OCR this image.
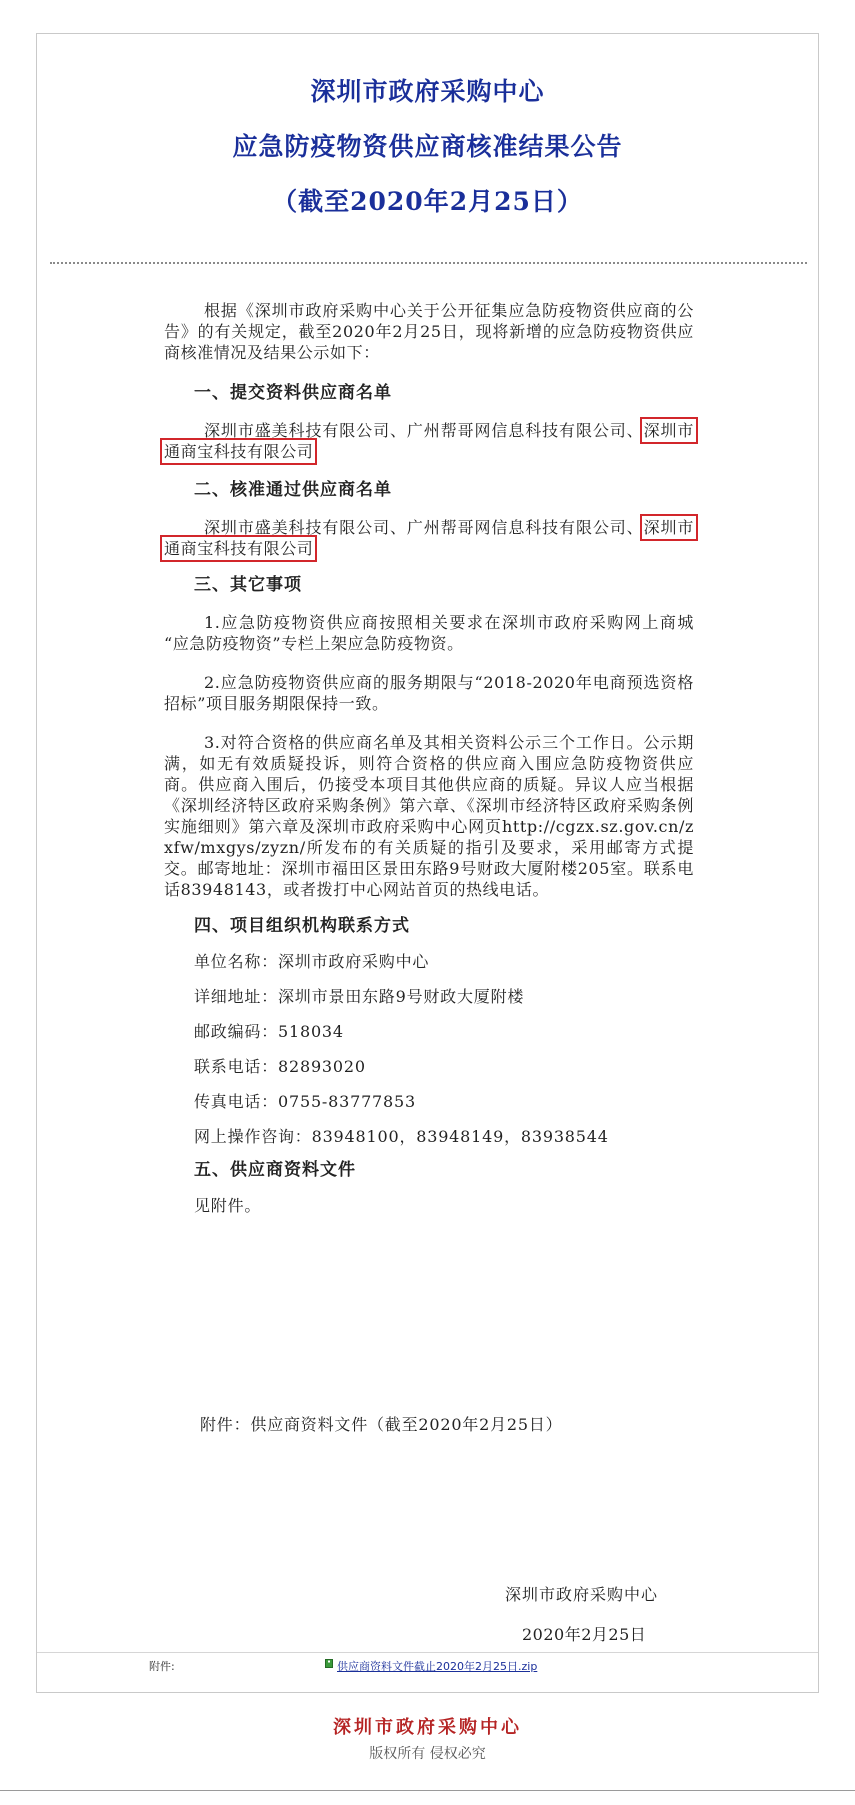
深圳市政府采购中心
应急防疫物资供应商核准结果公告
（截至2020年2月25日）

根据《深圳市政府采购中心关于公开征集应急防疫物资供应商的公告》的有关规定，截至2020年2月25日，现将新增的应急防疫物资供应商核准情况及结果公示如下：

一、提交资料供应商名单

深圳市盛美科技有限公司、广州帮哥网信息科技有限公司、深圳市通商宝科技有限公司

二、核准通过供应商名单

深圳市盛美科技有限公司、广州帮哥网信息科技有限公司、深圳市通商宝科技有限公司

三、其它事项

1.应急防疫物资供应商按照相关要求在深圳市政府采购网上商城 “应急防疫物资”专栏上架应急防疫物资。

2.应急防疫物资供应商的服务期限与“2018-2020年电商预选资格招标”项目服务期限保持一致。

3.对符合资格的供应商名单及其相关资料公示三个工作日。公示期满，如无有效质疑投诉，则符合资格的供应商入围应急防疫物资供应商。供应商入围后，仍接受本项目其他供应商的质疑。异议人应当根据《深圳经济特区政府采购条例》第六章、《深圳市经济特区政府采购条例实施细则》第六章及深圳市政府采购中心网页http://cgzx.sz.gov.cn/zxfw/mxgys/zyzn/所发布的有关质疑的指引及要求，采用邮寄方式提交。邮寄地址：深圳市福田区景田东路9号财政大厦附楼205室。联系电话83948143，或者拨打中心网站首页的热线电话。

四、项目组织机构联系方式

单位名称：深圳市政府采购中心

详细地址：深圳市景田东路9号财政大厦附楼

邮政编码：518034

联系电话：82893020

传真电话：0755-83777853

网上操作咨询：83948100，83948149，83938544

五、供应商资料文件

见附件。

附件：供应商资料文件（截至2020年2月25日）
深圳市政府采购中心
2020年2月25日
附件:	供应商资料文件截止2020年2月25日.zip
深圳市政府采购中心
版权所有 侵权必究
